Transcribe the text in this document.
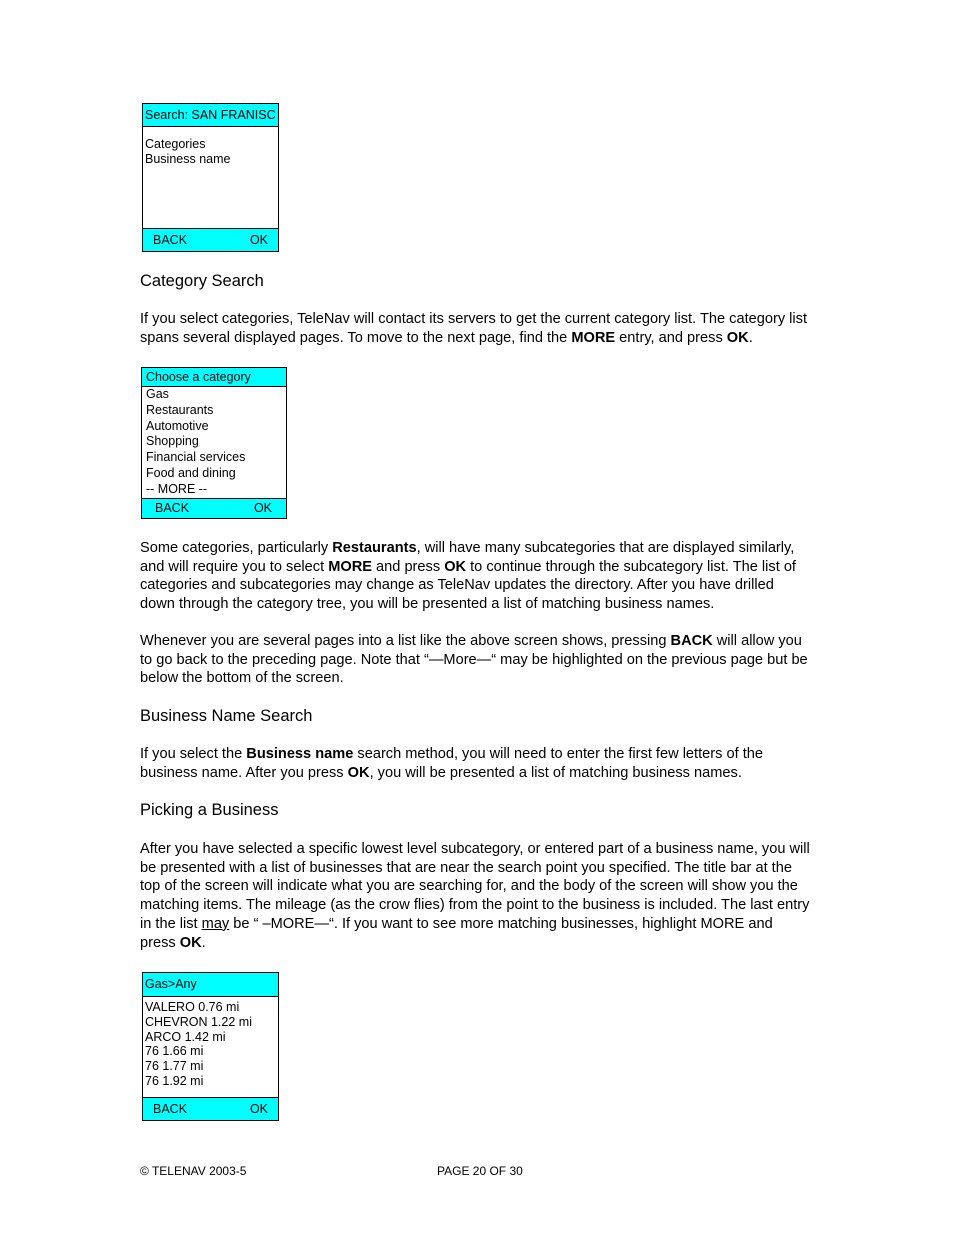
Search: SAN FRANISC
Categories
Business name
BACK	OK
Category Search
If you select categories, TeleNav will contact its servers to get the current category list. The category list spans several displayed pages. To move to the next page, find the MORE entry, and press OK.
Choose a category
Gas
Restaurants
Automotive
Shopping
Financial services
Food and dining
-- MORE --
BACK	OK
Some categories, particularly Restaurants, will have many subcategories that are displayed similarly, and will require you to select MORE and press OK to continue through the subcategory list. The list of categories and subcategories may change as TeleNav updates the directory. After you have drilled down through the category tree, you will be presented a list of matching business names.
Whenever you are several pages into a list like the above screen shows, pressing BACK will allow you to go back to the preceding page. Note that “—More—“ may be highlighted on the previous page but be below the bottom of the screen.
Business Name Search
If you select the Business name search method, you will need to enter the first few letters of the business name. After you press OK, you will be presented a list of matching business names.
Picking a Business
After you have selected a specific lowest level subcategory, or entered part of a business name, you will be presented with a list of businesses that are near the search point you specified. The title bar at the top of the screen will indicate what you are searching for, and the body of the screen will show you the matching items. The mileage (as the crow flies) from the point to the business is included. The last entry in the list may be “ –MORE—“. If you want to see more matching businesses, highlight MORE and press OK.
Gas>Any
VALERO 0.76 mi
CHEVRON 1.22 mi
ARCO 1.42 mi
76 1.66 mi
76 1.77 mi
76 1.92 mi
BACK	OK
© TELENAV 2003-5	PAGE 20 OF 30
